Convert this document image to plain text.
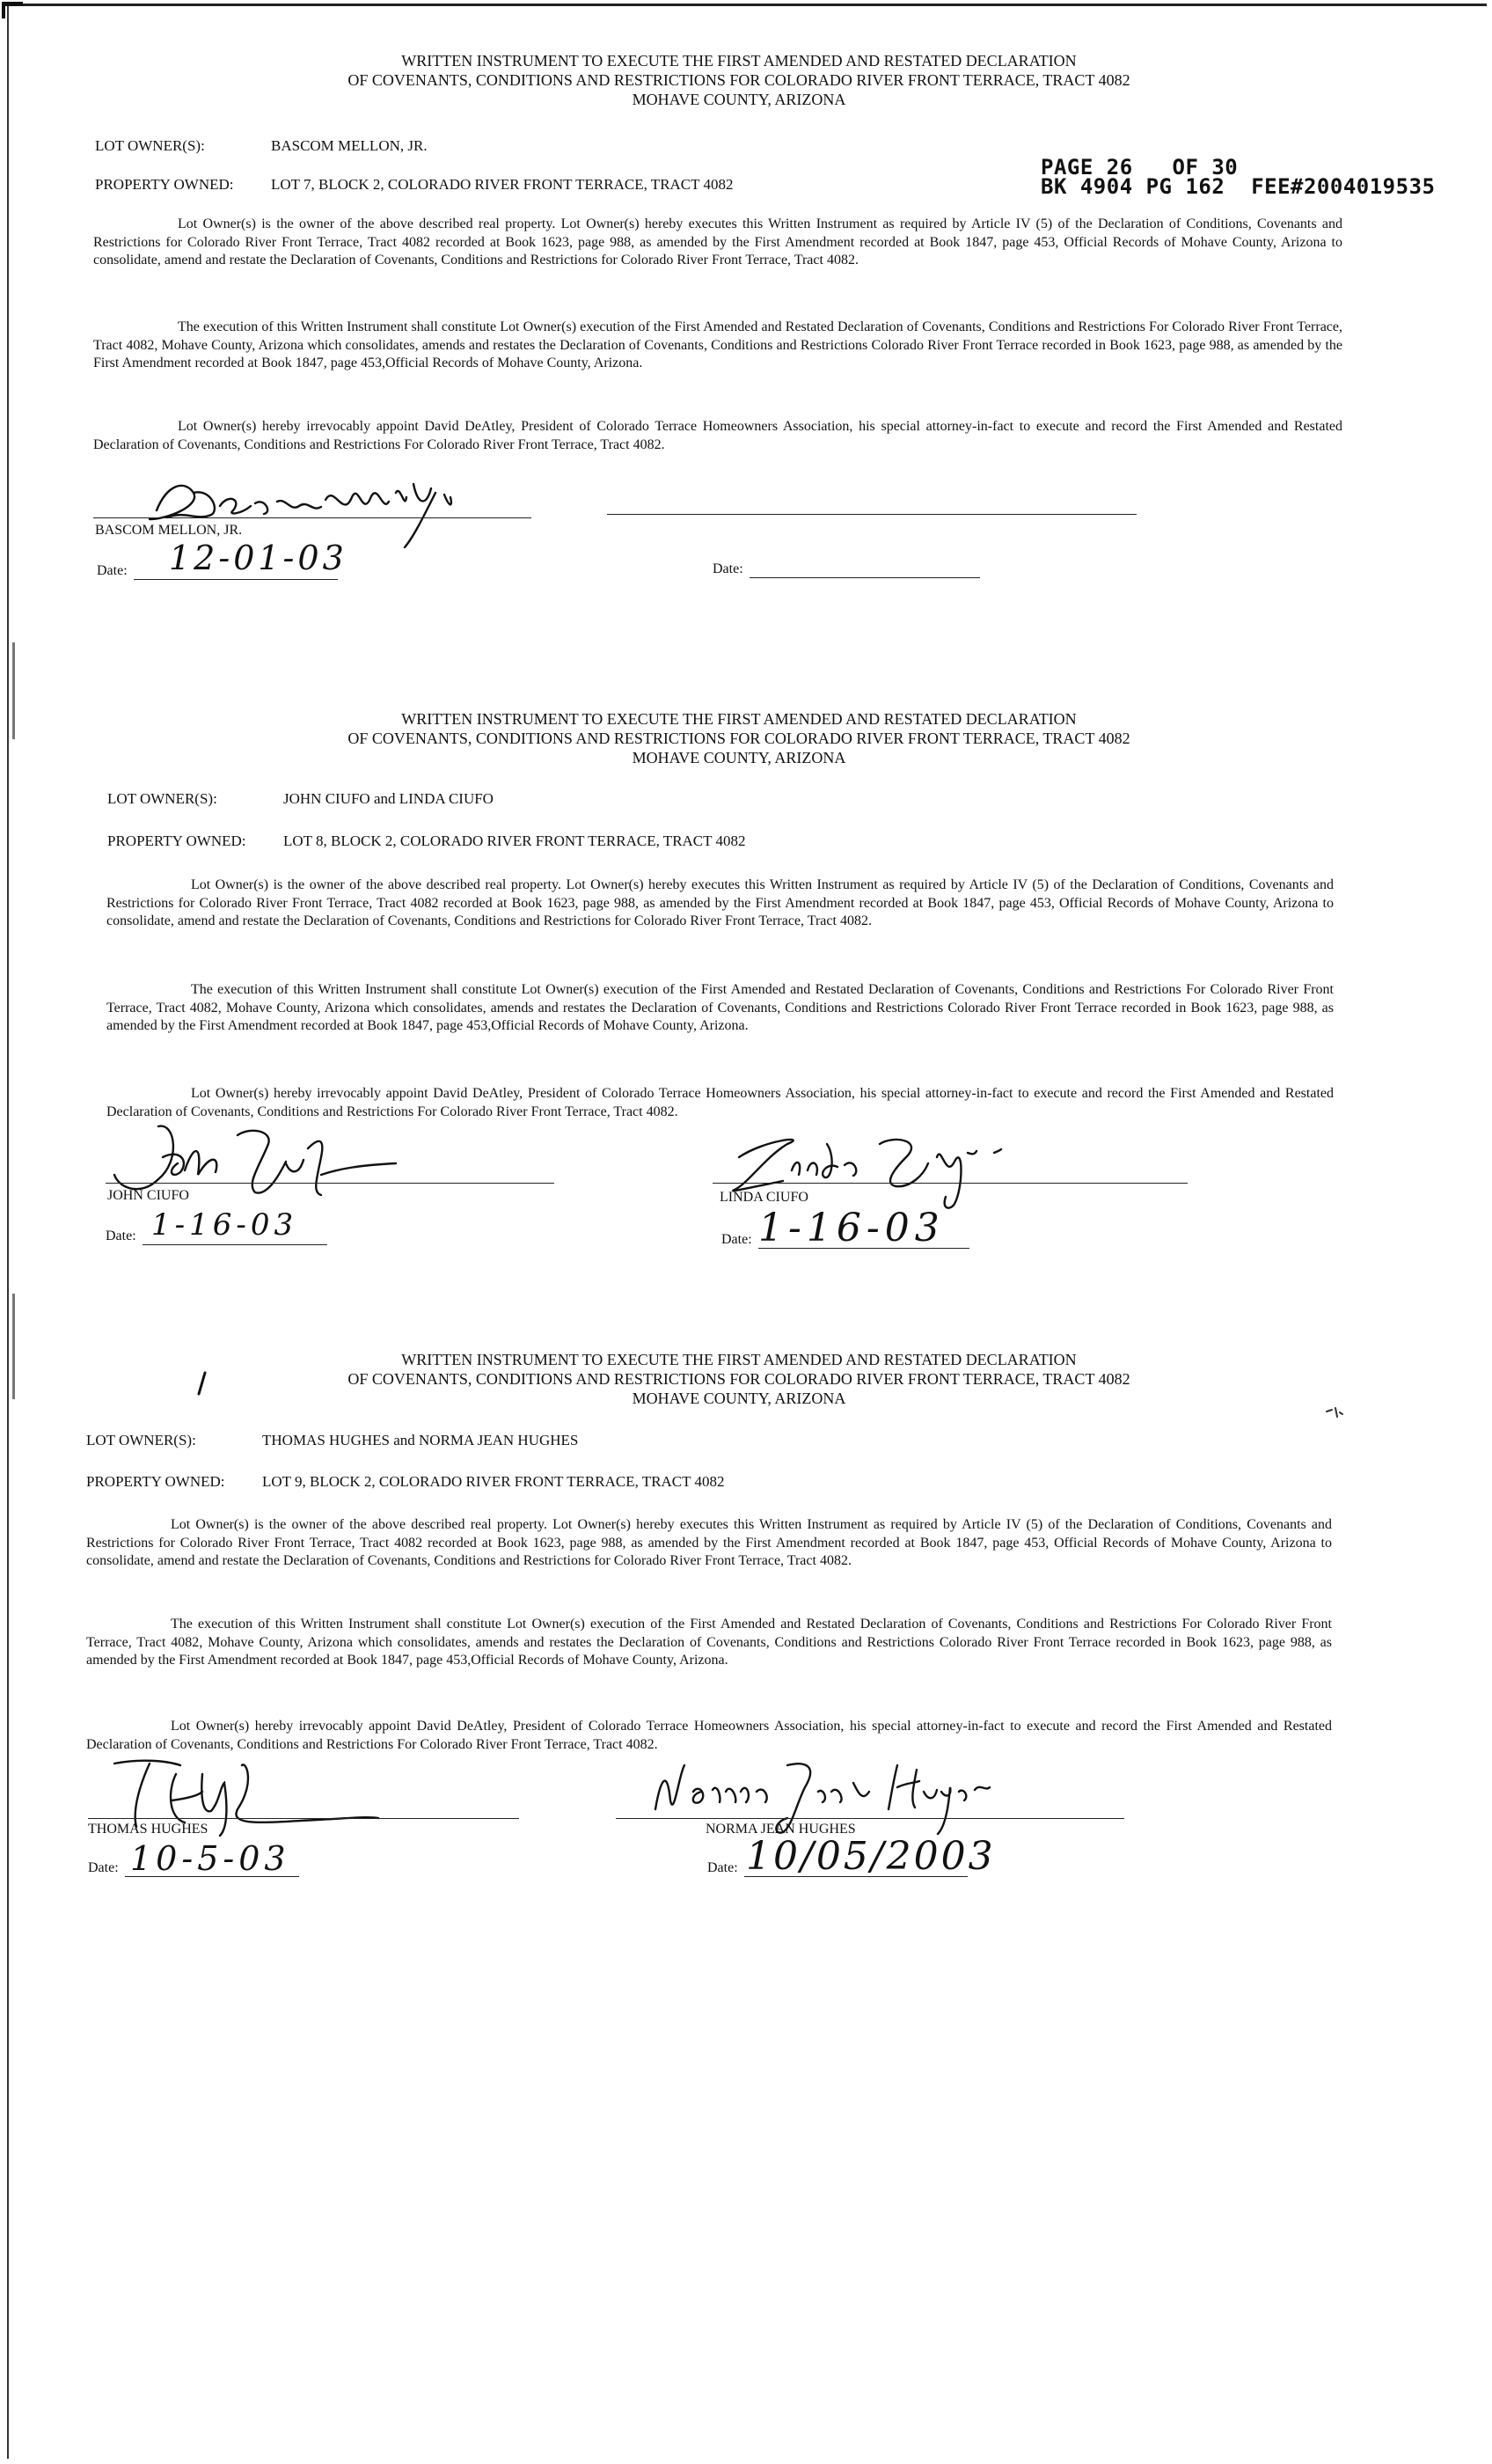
PAGE 26   OF 30
BK 4904 PG 162  FEE#2004019535
WRITTEN INSTRUMENT TO EXECUTE THE FIRST AMENDED AND RESTATED DECLARATION
OF COVENANTS, CONDITIONS AND RESTRICTIONS FOR COLORADO RIVER FRONT TERRACE, TRACT 4082
MOHAVE COUNTY, ARIZONA
LOT OWNER(S):	BASCOM MELLON, JR.
PROPERTY OWNED:	LOT 7, BLOCK 2, COLORADO RIVER FRONT TERRACE, TRACT 4082
Lot Owner(s) is the owner of the above described real property. Lot Owner(s) hereby executes this Written Instrument as required by Article IV (5) of the Declaration of Conditions, Covenants and Restrictions for Colorado River Front Terrace, Tract 4082 recorded at Book 1623, page 988, as amended by the First Amendment recorded at Book 1847, page 453, Official Records of Mohave County, Arizona to consolidate, amend and restate the Declaration of Covenants, Conditions and Restrictions for Colorado River Front Terrace, Tract 4082.
The execution of this Written Instrument shall constitute Lot Owner(s) execution of the First Amended and Restated Declaration of Covenants, Conditions and Restrictions For Colorado River Front Terrace, Tract 4082, Mohave County, Arizona which consolidates, amends and restates the Declaration of Covenants, Conditions and Restrictions Colorado River Front Terrace recorded in Book 1623, page 988, as amended by the First Amendment recorded at Book 1847, page 453,Official Records of Mohave County, Arizona.
Lot Owner(s) hereby irrevocably appoint David DeAtley, President of Colorado Terrace Homeowners Association, his special attorney-in-fact to execute and record the First Amended and Restated Declaration of Covenants, Conditions and Restrictions For Colorado River Front Terrace, Tract 4082.
BASCOM MELLON, JR.
Date: 12-01-03	Date:
WRITTEN INSTRUMENT TO EXECUTE THE FIRST AMENDED AND RESTATED DECLARATION
OF COVENANTS, CONDITIONS AND RESTRICTIONS FOR COLORADO RIVER FRONT TERRACE, TRACT 4082
MOHAVE COUNTY, ARIZONA
LOT OWNER(S):	JOHN CIUFO and LINDA CIUFO
PROPERTY OWNED:	LOT 8, BLOCK 2, COLORADO RIVER FRONT TERRACE, TRACT 4082
Lot Owner(s) is the owner of the above described real property. Lot Owner(s) hereby executes this Written Instrument as required by Article IV (5) of the Declaration of Conditions, Covenants and Restrictions for Colorado River Front Terrace, Tract 4082 recorded at Book 1623, page 988, as amended by the First Amendment recorded at Book 1847, page 453, Official Records of Mohave County, Arizona to consolidate, amend and restate the Declaration of Covenants, Conditions and Restrictions for Colorado River Front Terrace, Tract 4082.
The execution of this Written Instrument shall constitute Lot Owner(s) execution of the First Amended and Restated Declaration of Covenants, Conditions and Restrictions For Colorado River Front Terrace, Tract 4082, Mohave County, Arizona which consolidates, amends and restates the Declaration of Covenants, Conditions and Restrictions Colorado River Front Terrace recorded in Book 1623, page 988, as amended by the First Amendment recorded at Book 1847, page 453,Official Records of Mohave County, Arizona.
Lot Owner(s) hereby irrevocably appoint David DeAtley, President of Colorado Terrace Homeowners Association, his special attorney-in-fact to execute and record the First Amended and Restated Declaration of Covenants, Conditions and Restrictions For Colorado River Front Terrace, Tract 4082.
JOHN CIUFO	LINDA CIUFO
Date: 1-16-03	Date: 1-16-03
WRITTEN INSTRUMENT TO EXECUTE THE FIRST AMENDED AND RESTATED DECLARATION
OF COVENANTS, CONDITIONS AND RESTRICTIONS FOR COLORADO RIVER FRONT TERRACE, TRACT 4082
MOHAVE COUNTY, ARIZONA
LOT OWNER(S):	THOMAS HUGHES and NORMA JEAN HUGHES
PROPERTY OWNED:	LOT 9, BLOCK 2, COLORADO RIVER FRONT TERRACE, TRACT 4082
Lot Owner(s) is the owner of the above described real property. Lot Owner(s) hereby executes this Written Instrument as required by Article IV (5) of the Declaration of Conditions, Covenants and Restrictions for Colorado River Front Terrace, Tract 4082 recorded at Book 1623, page 988, as amended by the First Amendment recorded at Book 1847, page 453, Official Records of Mohave County, Arizona to consolidate, amend and restate the Declaration of Covenants, Conditions and Restrictions for Colorado River Front Terrace, Tract 4082.
The execution of this Written Instrument shall constitute Lot Owner(s) execution of the First Amended and Restated Declaration of Covenants, Conditions and Restrictions For Colorado River Front Terrace, Tract 4082, Mohave County, Arizona which consolidates, amends and restates the Declaration of Covenants, Conditions and Restrictions Colorado River Front Terrace recorded in Book 1623, page 988, as amended by the First Amendment recorded at Book 1847, page 453,Official Records of Mohave County, Arizona.
Lot Owner(s) hereby irrevocably appoint David DeAtley, President of Colorado Terrace Homeowners Association, his special attorney-in-fact to execute and record the First Amended and Restated Declaration of Covenants, Conditions and Restrictions For Colorado River Front Terrace, Tract 4082.
THOMAS HUGHES	NORMA JEAN HUGHES
Date: 10-5-03	Date: 10/05/2003
